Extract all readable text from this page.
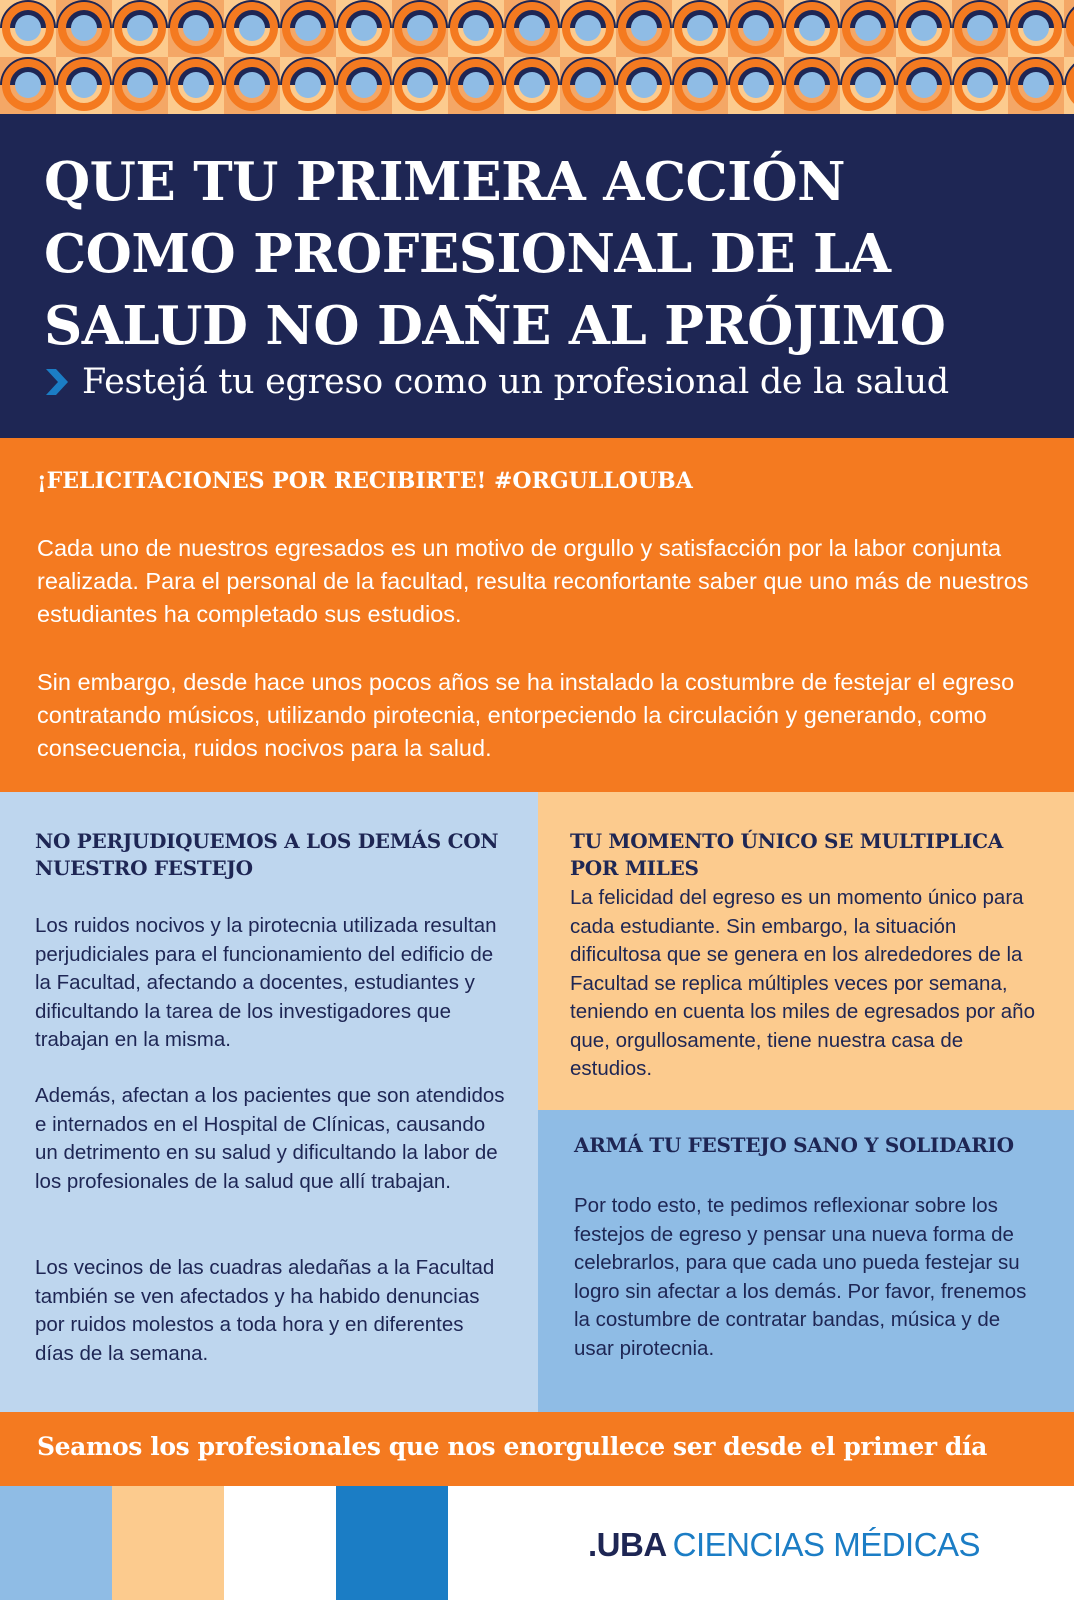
QUE TU PRIMERA ACCIÓN COMO PROFESIONAL DE LA SALUD NO DAÑE AL PRÓJIMO
Festejá tu egreso como un profesional de la salud
¡FELICITACIONES POR RECIBIRTE! #ORGULLOUBA

Cada uno de nuestros egresados es un motivo de orgullo y satisfacción por la labor conjunta realizada. Para el personal de la facultad, resulta reconfortante saber que uno más de nuestros estudiantes ha completado sus estudios.

Sin embargo, desde hace unos pocos años se ha instalado la costumbre de festejar el egreso contratando músicos, utilizando pirotecnia, entorpeciendo la circulación y generando, como consecuencia, ruidos nocivos para la salud.

NO PERJUDIQUEMOS A LOS DEMÁS CON NUESTRO FESTEJO

Los ruidos nocivos y la pirotecnia utilizada resultan perjudiciales para el funcionamiento del edificio de la Facultad, afectando a docentes, estudiantes y dificultando la tarea de los investigadores que trabajan en la misma.

Además, afectan a los pacientes que son atendidos e internados en el Hospital de Clínicas, causando un detrimento en su salud y dificultando la labor de los profesionales de la salud que allí trabajan.

Los vecinos de las cuadras aledañas a la Facultad también se ven afectados y ha habido denuncias por ruidos molestos a toda hora y en diferentes días de la semana.

TU MOMENTO ÚNICO SE MULTIPLICA POR MILES

La felicidad del egreso es un momento único para cada estudiante. Sin embargo, la situación dificultosa que se genera en los alrededores de la Facultad se replica múltiples veces por semana, teniendo en cuenta los miles de egresados por año que, orgullosamente, tiene nuestra casa de estudios.

ARMÁ TU FESTEJO SANO Y SOLIDARIO

Por todo esto, te pedimos reflexionar sobre los festejos de egreso y pensar una nueva forma de celebrarlos, para que cada uno pueda festejar su logro sin afectar a los demás. Por favor, frenemos la costumbre de contratar bandas, música y de usar pirotecnia.

Seamos los profesionales que nos enorgullece ser desde el primer día
.UBA CIENCIAS MÉDICAS
